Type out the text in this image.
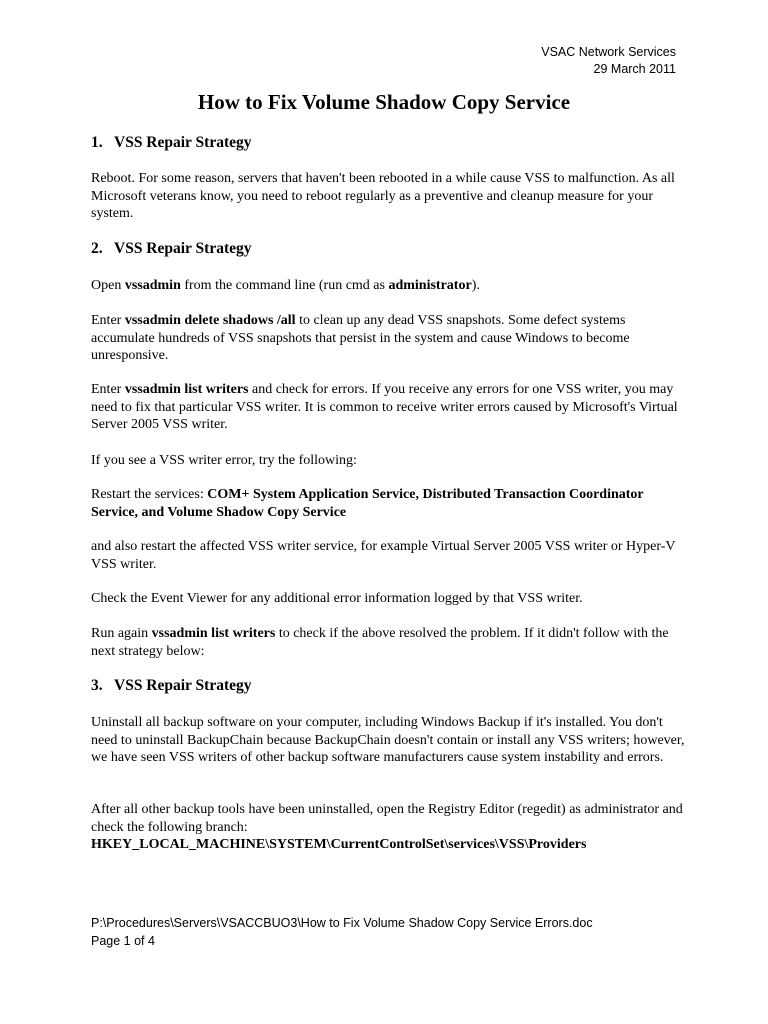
VSAC Network Services
29 March 2011
How to Fix Volume Shadow Copy Service
1. VSS Repair Strategy

Reboot. For some reason, servers that haven't been rebooted in a while cause VSS to malfunction. As all Microsoft veterans know, you need to reboot regularly as a preventive and cleanup measure for your system.

2. VSS Repair Strategy

Open vssadmin from the command line (run cmd as administrator).

Enter vssadmin delete shadows /all to clean up any dead VSS snapshots. Some defect systems accumulate hundreds of VSS snapshots that persist in the system and cause Windows to become unresponsive.

Enter vssadmin list writers and check for errors. If you receive any errors for one VSS writer, you may need to fix that particular VSS writer. It is common to receive writer errors caused by Microsoft's Virtual Server 2005 VSS writer.

If you see a VSS writer error, try the following:

Restart the services: COM+ System Application Service, Distributed Transaction Coordinator Service, and Volume Shadow Copy Service

and also restart the affected VSS writer service, for example Virtual Server 2005 VSS writer or Hyper-V VSS writer.

Check the Event Viewer for any additional error information logged by that VSS writer.

Run again vssadmin list writers to check if the above resolved the problem. If it didn't follow with the next strategy below:

3. VSS Repair Strategy

Uninstall all backup software on your computer, including Windows Backup if it's installed. You don't need to uninstall BackupChain because BackupChain doesn't contain or install any VSS writers; however, we have seen VSS writers of other backup software manufacturers cause system instability and errors.

After all other backup tools have been uninstalled, open the Registry Editor (regedit) as administrator and check the following branch:
HKEY_LOCAL_MACHINE\SYSTEM\CurrentControlSet\services\VSS\Providers

P:\Procedures\Servers\VSACCBUO3\How to Fix Volume Shadow Copy Service Errors.doc
Page 1 of 4
